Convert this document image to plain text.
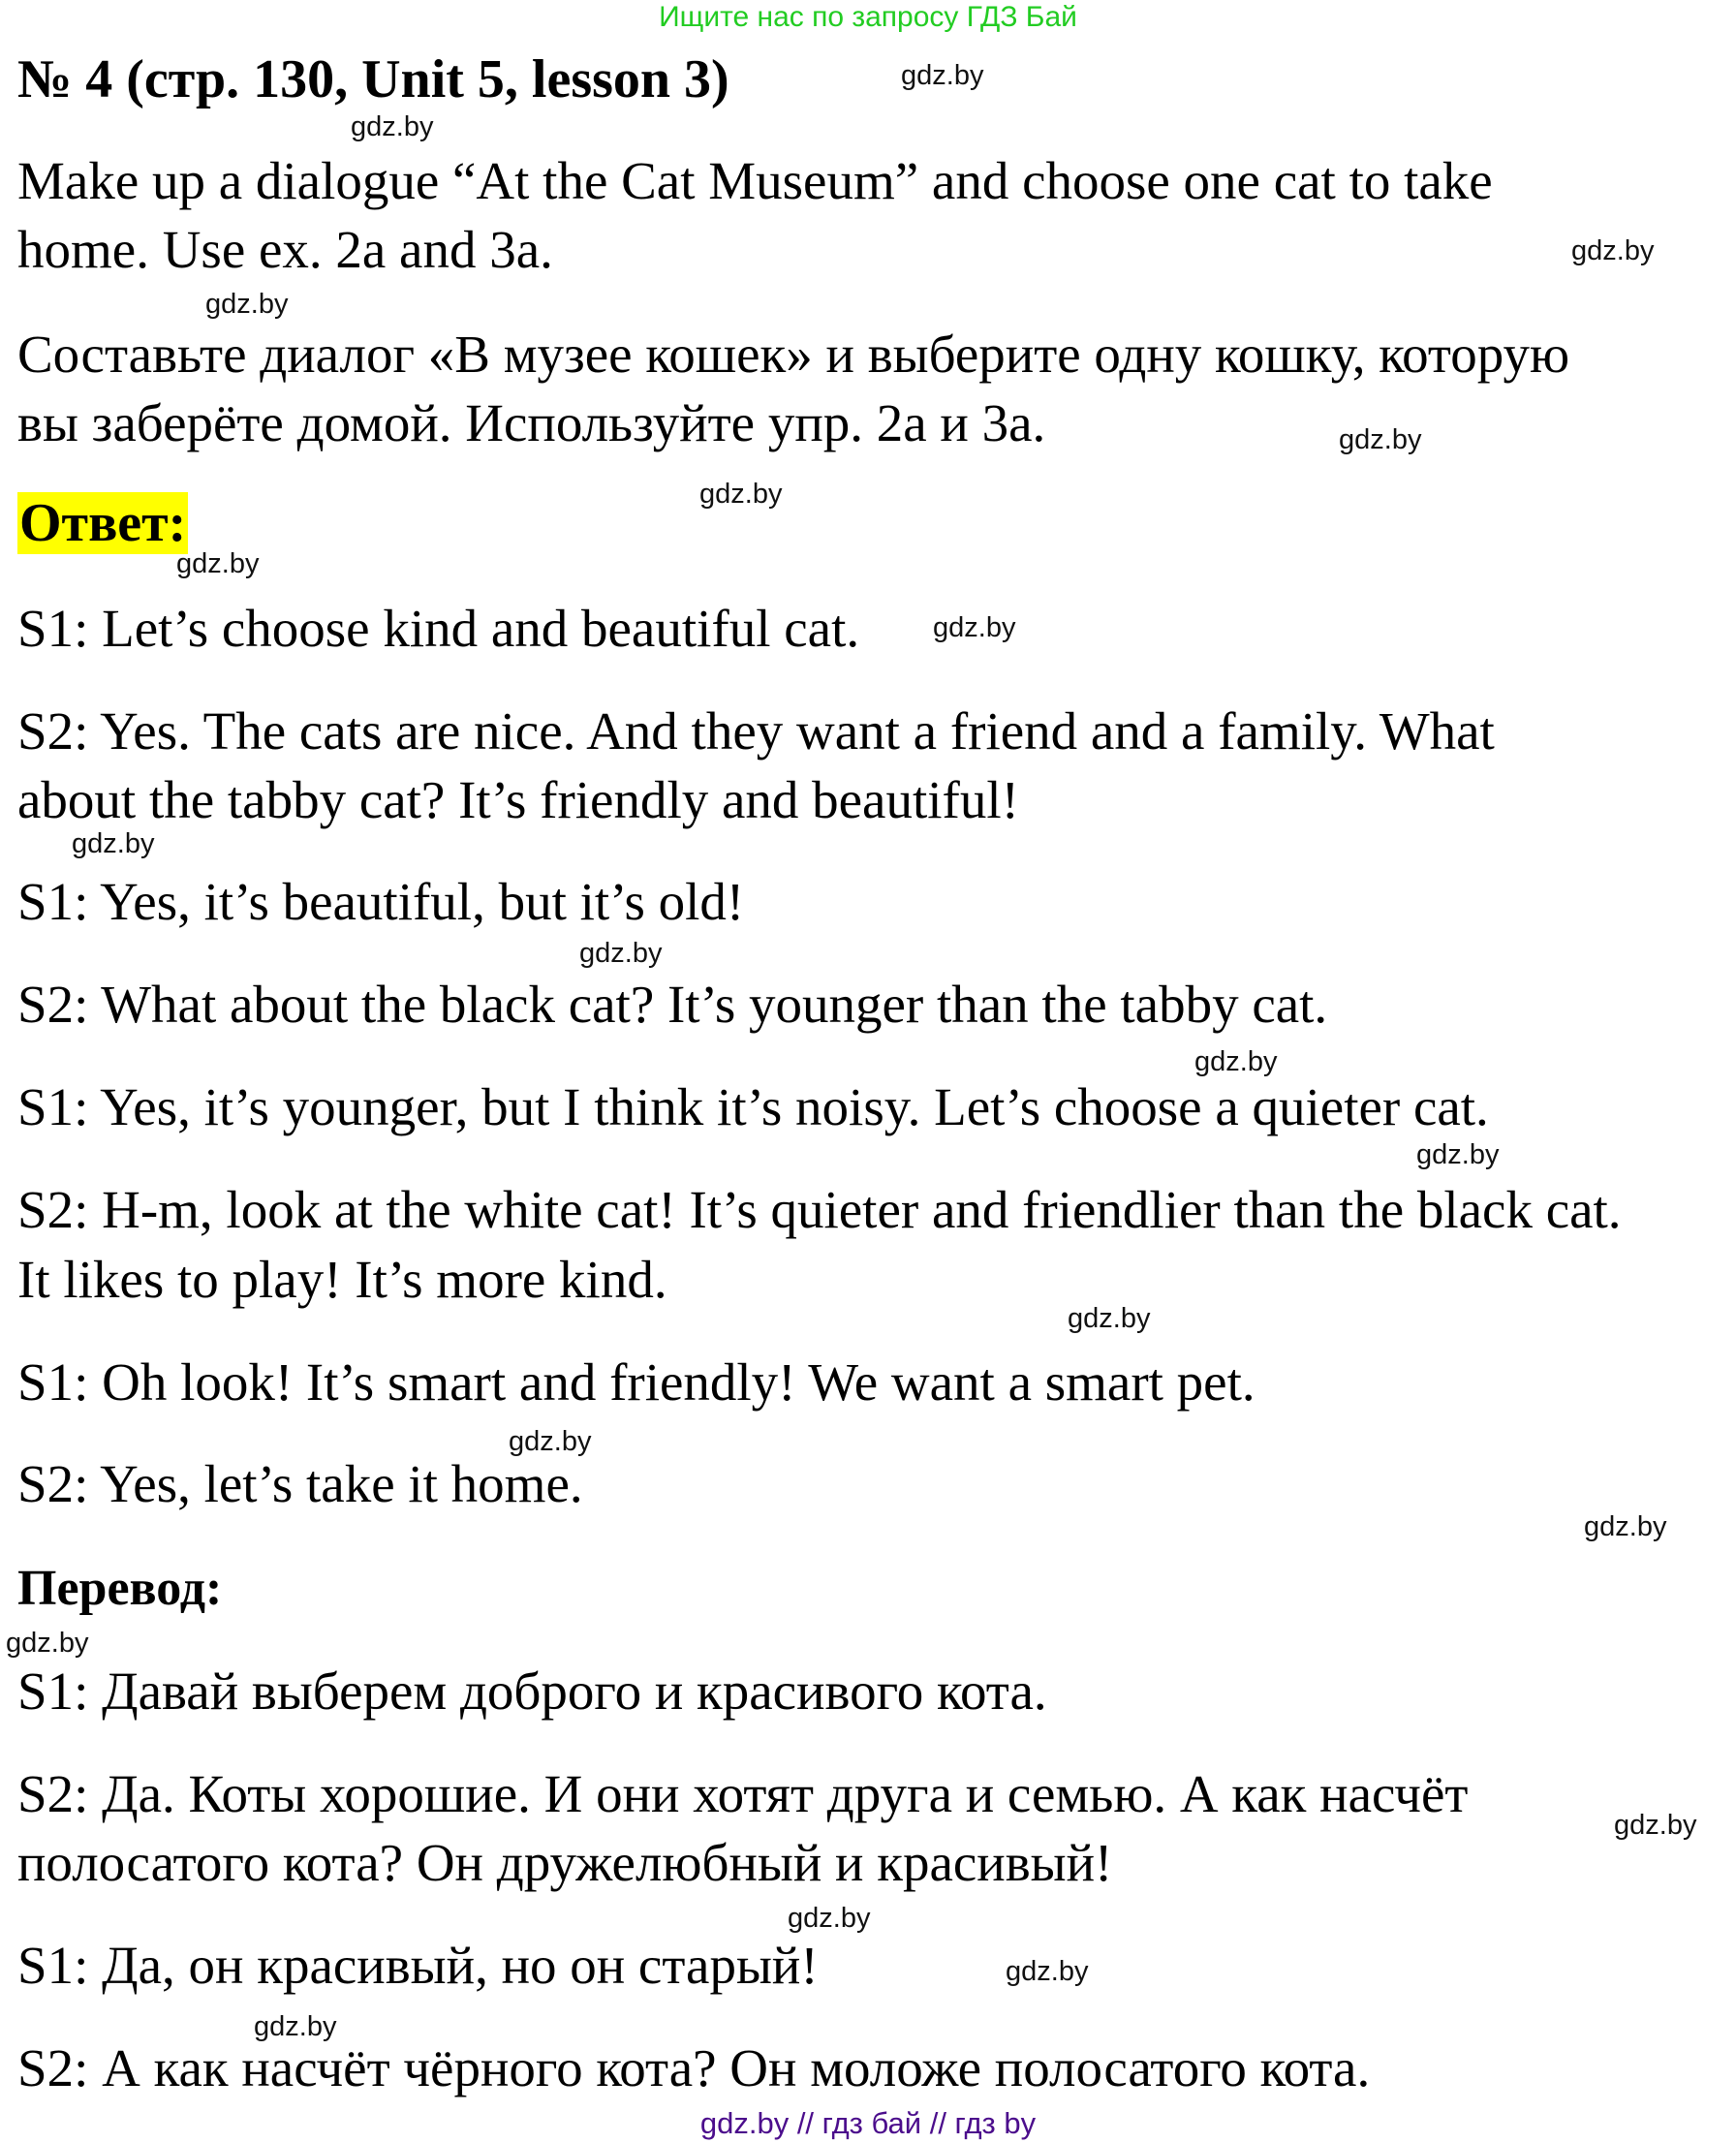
Ищите нас по запросу ГДЗ Бай
№ 4 (стр. 130, Unit 5, lesson 3)	gdz.by
gdz.by
Make up a dialogue “At the Cat Museum” and choose one cat to take
home. Use ex. 2a and 3a.	gdz.by
gdz.by
Составьте диалог «В музее кошек» и выберите одну кошку, которую
вы заберёте домой. Используйте упр. 2а и 3а.	gdz.by
gdz.by
Ответ:
gdz.by
S1: Let’s choose kind and beautiful cat.	gdz.by
S2: Yes. The cats are nice. And they want a friend and a family. What
about the tabby cat? It’s friendly and beautiful!
gdz.by
S1: Yes, it’s beautiful, but it’s old!
gdz.by
S2: What about the black cat? It’s younger than the tabby cat.
gdz.by
S1: Yes, it’s younger, but I think it’s noisy. Let’s choose a quieter cat.
gdz.by
S2: H-m, look at the white cat! It’s quieter and friendlier than the black cat.
It likes to play! It’s more kind.
gdz.by
S1: Oh look! It’s smart and friendly! We want a smart pet.
gdz.by
S2: Yes, let’s take it home.
gdz.by
Перевод:
gdz.by
S1: Давай выберем доброго и красивого кота.
S2: Да. Коты хорошие. И они хотят друга и семью. А как насчёт
gdz.by
полосатого кота? Он дружелюбный и красивый!
gdz.by
S1: Да, он красивый, но он старый!	gdz.by
gdz.by
S2: А как насчёт чёрного кота? Он моложе полосатого кота.
gdz.by // гдз бай // гдз by
